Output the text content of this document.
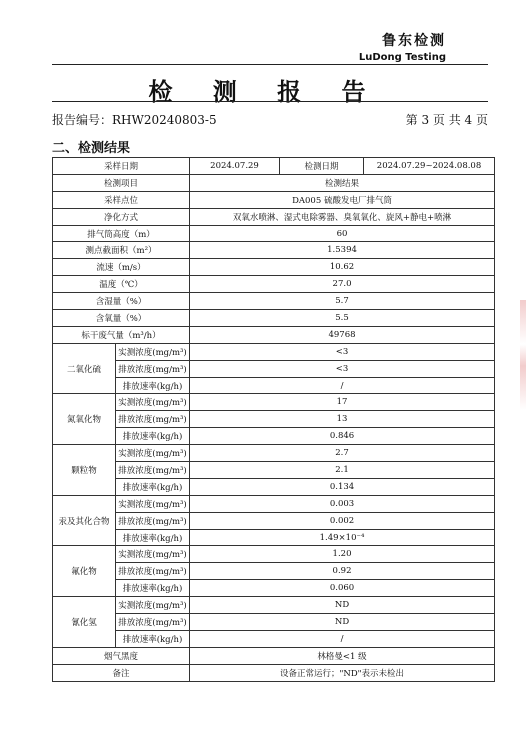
鲁东检测
LuDong Testing
检 测 报 告
报告编号：RHW20240803-5	第 3 页 共 4 页
二、检测结果
采样日期		2024.07.29	检测日期	2024.07.29~2024.08.08
检测项目		检测结果		
采样点位		DA005 硫酸发电厂排气筒		
净化方式		双氧水喷淋、湿式电除雾器、臭氧氧化、旋风+静电+喷淋		
排气筒高度（m）		60		
测点截面积（m²）		1.5394		
流速（m/s）		10.62		
温度（℃）		27.0		
含湿量（%）		5.7		
含氧量（%）		5.5		
标干废气量（m³/h）		49768		
二氧化硫	实测浓度(mg/m³)	<3		
	排放浓度(mg/m³)	<3		
	排放速率(kg/h)	/		
氮氧化物	实测浓度(mg/m³)	17		
	排放浓度(mg/m³)	13		
	排放速率(kg/h)	0.846		
颗粒物	实测浓度(mg/m³)	2.7		
	排放浓度(mg/m³)	2.1		
	排放速率(kg/h)	0.134		
汞及其化合物	实测浓度(mg/m³)	0.003		
	排放浓度(mg/m³)	0.002		
	排放速率(kg/h)	1.49×10⁻⁴		
氟化物	实测浓度(mg/m³)	1.20		
	排放浓度(mg/m³)	0.92		
	排放速率(kg/h)	0.060		
氰化氢	实测浓度(mg/m³)	ND		
	排放浓度(mg/m³)	ND		
	排放速率(kg/h)	/		
烟气黑度		林格曼<1 级		
备注		设备正常运行；"ND"表示未检出		
